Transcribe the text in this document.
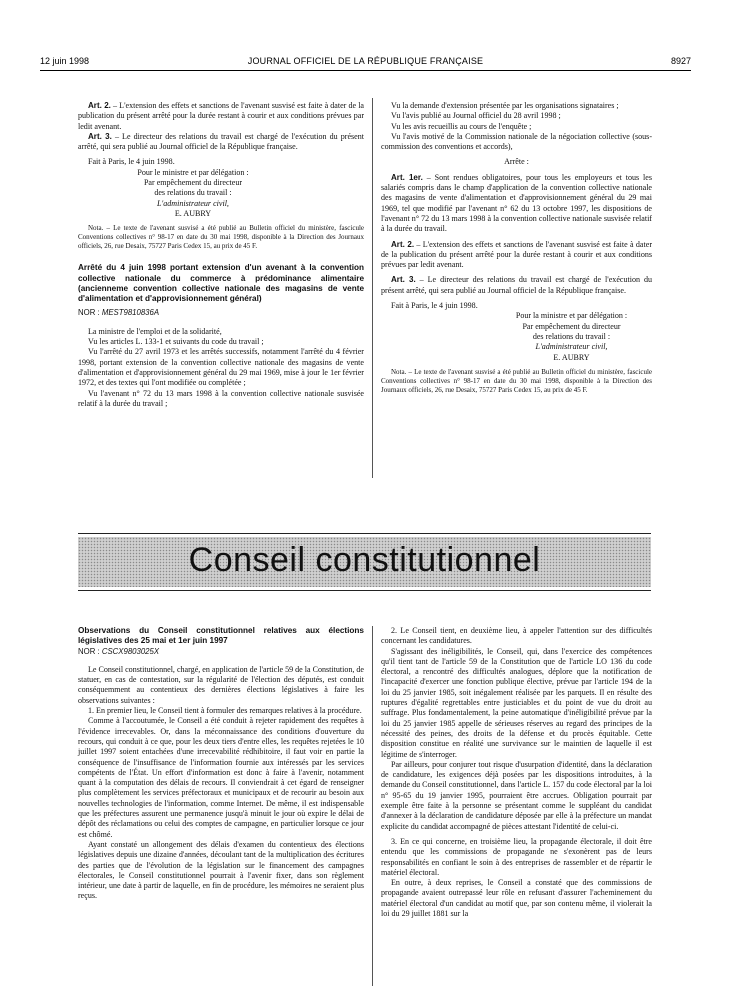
12 juin 1998	JOURNAL OFFICIEL DE LA RÉPUBLIQUE FRANÇAISE	8927

Art. 2. – L'extension des effets et sanctions de l'avenant susvisé est faite à dater de la publication du présent arrêté pour la durée restant à courir et aux conditions prévues par ledit avenant.

Art. 3. – Le directeur des relations du travail est chargé de l'exécution du présent arrêté, qui sera publié au Journal officiel de la République française.

Fait à Paris, le 4 juin 1998.

Pour le ministre et par délégation :

Par empêchement du directeur

des relations du travail :

L'administrateur civil,

E. AUBRY

Nota. – Le texte de l'avenant susvisé a été publié au Bulletin officiel du ministère, fascicule Conventions collectives n° 98-17 en date du 30 mai 1998, disponible à la Direction des Journaux officiels, 26, rue Desaix, 75727 Paris Cedex 15, au prix de 45 F.

Arrêté du 4 juin 1998 portant extension d'un avenant à la convention collective nationale du commerce à prédominance alimentaire (ancienneme convention collective nationale des magasins de vente d'alimentation et d'approvisionnement général)

NOR : MEST9810836A

La ministre de l'emploi et de la solidarité,

Vu les articles L. 133-1 et suivants du code du travail ;

Vu l'arrêté du 27 avril 1973 et les arrêtés successifs, notamment l'arrêté du 4 février 1998, portant extension de la convention collective nationale des magasins de vente d'alimentation et d'approvisionnement général du 29 mai 1969, mise à jour le 1er février 1972, et des textes qui l'ont modifiée ou complétée ;

Vu l'avenant n° 72 du 13 mars 1998 à la convention collective nationale susvisée relatif à la durée du travail ;

Vu la demande d'extension présentée par les organisations signataires ;

Vu l'avis publié au Journal officiel du 28 avril 1998 ;

Vu les avis recueillis au cours de l'enquête ;

Vu l'avis motivé de la Commission nationale de la négociation collective (sous-commission des conventions et accords),

Arrête :

Art. 1er. – Sont rendues obligatoires, pour tous les employeurs et tous les salariés compris dans le champ d'application de la convention collective nationale des magasins de vente d'alimentation et d'approvisionnement général du 29 mai 1969, tel que modifié par l'avenant n° 62 du 13 octobre 1997, les dispositions de l'avenant n° 72 du 13 mars 1998 à la convention collective nationale susvisée relatif à la durée du travail.

Art. 2. – L'extension des effets et sanctions de l'avenant susvisé est faite à dater de la publication du présent arrêté pour la durée restant à courir et aux conditions prévues par ledit avenant.

Art. 3. – Le directeur des relations du travail est chargé de l'exécution du présent arrêté, qui sera publié au Journal officiel de la République française.

Fait à Paris, le 4 juin 1998.

Pour la ministre et par délégation :

Par empêchement du directeur

des relations du travail :

L'administrateur civil,

E. AUBRY

Nota. – Le texte de l'avenant susvisé a été publié au Bulletin officiel du ministère, fascicule Conventions collectives n° 98-17 en date du 30 mai 1998, disponible à la Direction des Journaux officiels, 26, rue Desaix, 75727 Paris Cedex 15, au prix de 45 F.

Conseil constitutionnel

Observations du Conseil constitutionnel relatives aux élections législatives des 25 mai et 1er juin 1997

NOR : CSCX9803025X

Le Conseil constitutionnel, chargé, en application de l'article 59 de la Constitution, de statuer, en cas de contestation, sur la régularité de l'élection des députés, est conduit conséquemment au contentieux des dernières élections législatives à faire les observations suivantes :

1. En premier lieu, le Conseil tient à formuler des remarques relatives à la procédure.

Comme à l'accoutumée, le Conseil a été conduit à rejeter rapidement des requêtes à l'évidence irrecevables. Or, dans la méconnaissance des conditions d'ouverture du recours, qui conduit à ce que, pour les deux tiers d'entre elles, les requêtes rejetées le 10 juillet 1997 soient entachées d'une irrecevabilité rédhibitoire, il faut voir en partie la conséquence de l'insuffisance de l'information fournie aux intéressés par les services compétents de l'État. Un effort d'information est donc à faire à l'avenir, notamment quant à la computation des délais de recours. Il conviendrait à cet égard de renseigner plus complètement les services préfectoraux et municipaux et de recourir au besoin aux nouvelles technologies de l'information, comme Internet. De même, il est indispensable que les préfectures assurent une permanence jusqu'à minuit le jour où expire le délai de dépôt des réclamations ou celui des comptes de campagne, en particulier lorsque ce jour est chômé.

Ayant constaté un allongement des délais d'examen du contentieux des élections législatives depuis une dizaine d'années, découlant tant de la multiplication des écritures des parties que de l'évolution de la législation sur le financement des campagnes électorales, le Conseil constitutionnel pourrait à l'avenir fixer, dans son règlement intérieur, une date à partir de laquelle, en fin de procédure, les mémoires ne seraient plus reçus.

2. Le Conseil tient, en deuxième lieu, à appeler l'attention sur des difficultés concernant les candidatures.

S'agissant des inéligibilités, le Conseil, qui, dans l'exercice des compétences qu'il tient tant de l'article 59 de la Constitution que de l'article LO 136 du code électoral, a rencontré des difficultés analogues, déplore que la notification de l'incapacité d'exercer une fonction publique élective, prévue par l'article 194 de la loi du 25 janvier 1985, soit inégalement réalisée par les parquets. Il en résulte des ruptures d'égalité regrettables entre justiciables et du point de vue du droit au suffrage. Plus fondamentalement, la peine automatique d'inéligibilité prévue par la loi du 25 janvier 1985 appelle de sérieuses réserves au regard des principes de la nécessité des peines, des droits de la défense et du procès équitable. Cette disposition constitue en réalité une survivance sur le maintien de laquelle il est légitime de s'interroger.

Par ailleurs, pour conjurer tout risque d'usurpation d'identité, dans la déclaration de candidature, les exigences déjà posées par les dispositions introduites, à la demande du Conseil constitutionnel, dans l'article L. 157 du code électoral par la loi n° 95-65 du 19 janvier 1995, pourraient être accrues. Obligation pourrait par exemple être faite à la personne se présentant comme le suppléant du candidat d'annexer à la déclaration de candidature déposée par elle à la préfecture un mandat explicite du candidat accompagné de pièces attestant l'identité de celui-ci.

3. En ce qui concerne, en troisième lieu, la propagande électorale, il doit être entendu que les commissions de propagande ne s'exonèrent pas de leurs responsabilités en confiant le soin à des entreprises de rassembler et de répartir le matériel électoral.

En outre, à deux reprises, le Conseil a constaté que des commissions de propagande avaient outrepassé leur rôle en refusant d'assurer l'acheminement du matériel électoral d'un candidat au motif que, par son contenu même, il violerait la loi du 29 juillet 1881 sur la
